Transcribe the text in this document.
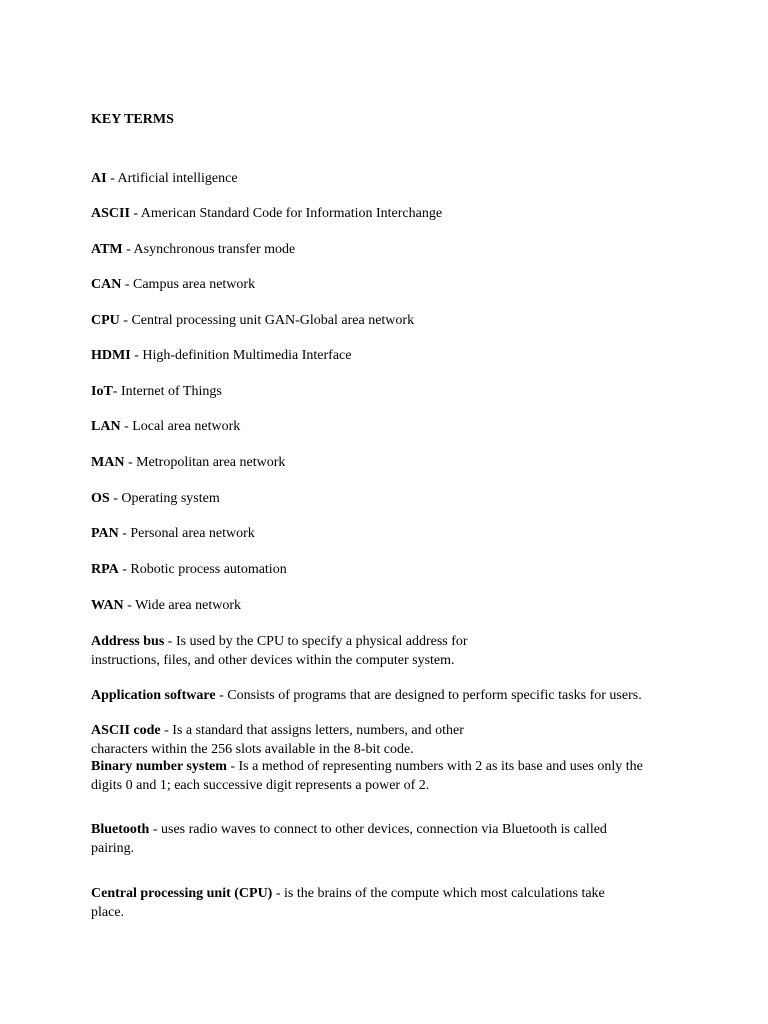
KEY TERMS

AI - Artificial intelligence

ASCII - American Standard Code for Information Interchange

ATM - Asynchronous transfer mode

CAN - Campus area network

CPU - Central processing unit GAN-Global area network

HDMI - High-definition Multimedia Interface

IoT- Internet of Things

LAN - Local area network

MAN - Metropolitan area network

OS - Operating system

PAN - Personal area network

RPA - Robotic process automation

WAN - Wide area network

Address bus - Is used by the CPU to specify a physical address for
instructions, files, and other devices within the computer system.

Application software - Consists of programs that are designed to perform specific tasks for users.

ASCII code - Is a standard that assigns letters, numbers, and other
characters within the 256 slots available in the 8-bit code.

Binary number system - Is a method of representing numbers with 2 as its base and uses only the
digits 0 and 1; each successive digit represents a power of 2.

Bluetooth - uses radio waves to connect to other devices, connection via Bluetooth is called
pairing.

Central processing unit (CPU) - is the brains of the compute which most calculations take
place.
